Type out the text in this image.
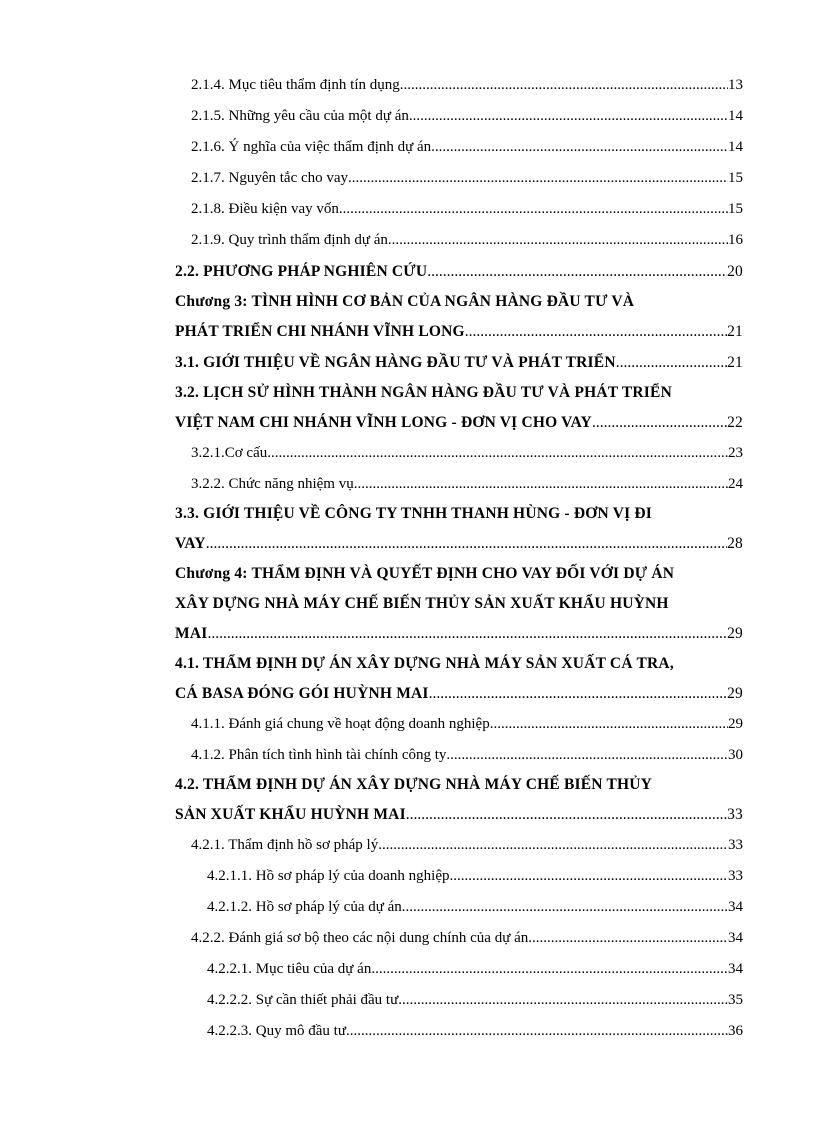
2.1.4. Mục tiêu thẩm định tín dụng .....	13
2.1.5. Những yêu cầu của một dự án .....	14
2.1.6. Ý nghĩa của việc thẩm định dự án .....	14
2.1.7. Nguyên tắc cho vay .....	15
2.1.8. Điều kiện vay vốn .....	15
2.1.9. Quy trình thẩm định dự án .....	16
2.2. PHƯƠNG PHÁP NGHIÊN CỨU .....	20
Chương 3: TÌNH HÌNH CƠ BẢN CỦA NGÂN HÀNG ĐẦU TƯ VÀ
PHÁT TRIỂN CHI NHÁNH VĨNH LONG .....	21
3.1. GIỚI THIỆU VỀ NGÂN HÀNG ĐẦU TƯ VÀ PHÁT TRIỂN .....	21
3.2. LỊCH SỬ HÌNH THÀNH NGÂN HÀNG ĐẦU TƯ VÀ PHÁT TRIỂN
VIỆT NAM CHI NHÁNH VĨNH LONG - ĐƠN VỊ CHO VAY .....	22
3.2.1.Cơ cấu .....	23
3.2.2. Chức năng nhiệm vụ .....	24
3.3. GIỚI THIỆU VỀ CÔNG TY TNHH THANH HÙNG - ĐƠN VỊ ĐI
VAY .....	28
Chương 4: THẨM ĐỊNH VÀ QUYẾT ĐỊNH CHO VAY ĐỐI VỚI DỰ ÁN
XÂY DỰNG NHÀ MÁY CHẾ BIẾN THỦY SẢN XUẤT KHẨU HUỲNH
MAI .....	29
4.1. THẨM ĐỊNH DỰ ÁN XÂY DỰNG NHÀ MÁY SẢN XUẤT CÁ TRA,
CÁ BASA ĐÓNG GÓI HUỲNH MAI .....	29
4.1.1. Đánh giá chung về hoạt động doanh nghiệp .....	29
4.1.2. Phân tích tình hình tài chính công ty .....	30
4.2. THẨM ĐỊNH DỰ ÁN XÂY DỰNG NHÀ MÁY CHẾ BIẾN THỦY
SẢN XUẤT KHẨU HUỲNH MAI .....	33
4.2.1. Thẩm định hồ sơ pháp lý .....	33
4.2.1.1. Hồ sơ pháp lý của doanh nghiệp .....	33
4.2.1.2. Hồ sơ pháp lý của dự án. .....	34
4.2.2. Đánh giá sơ bộ theo các nội dung chính của dự án .....	34
4.2.2.1. Mục tiêu của dự án .....	34
4.2.2.2. Sự cần thiết phải đầu tư .....	35
4.2.2.3. Quy mô đầu tư .....	36
